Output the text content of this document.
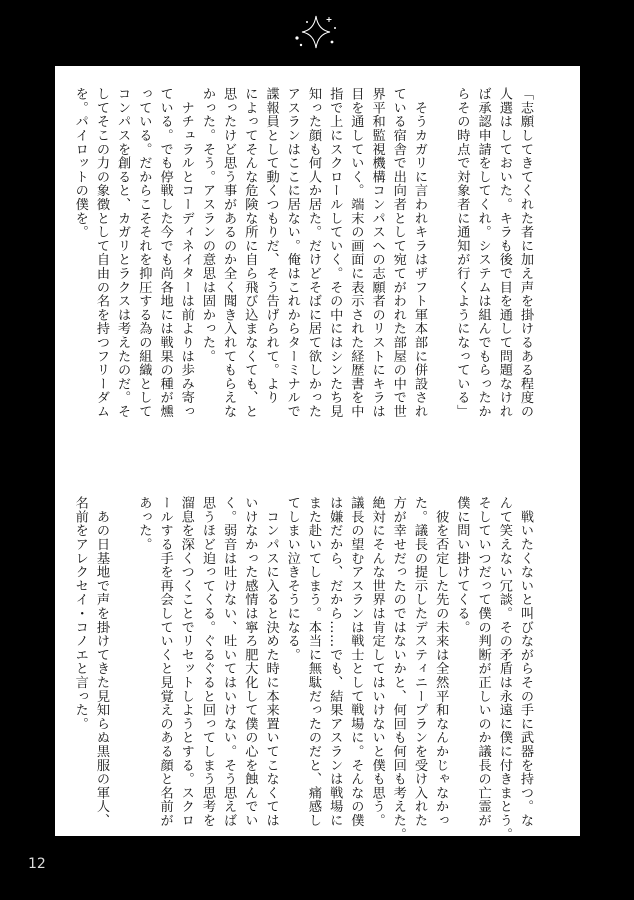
「志願してきてくれた者に加え声を掛けるある程度の
人選はしておいた。キラも後で目を通して問題なけれ
ば承認申請をしてくれ。システムは組んでもらったか
らその時点で対象者に通知が行くようになっている」

　そうカガリに言われキラはザフト軍本部に併設され
ている宿舎で出向者として宛てがわれた部屋の中で世
界平和監視機構コンパスへの志願者のリストにキラは
目を通していく。端末の画面に表示された経歴書を中
指で上にスクロールしていく。その中にはシンたち見
知った顔も何人か居た。だけどそばに居て欲しかった
アスランはここに居ない。俺はこれからターミナルで
諜報員として動くつもりだ、そう告げられて。より
によってそんな危険な所に自ら飛び込まなくても、と
思ったけど思う事があるのか全く聞き入れてもらえな
かった。そう。アスランの意思は固かった。
　ナチュラルとコーディネイターは前よりは歩み寄っ
ている。でも停戦した今でも尚各地には戦果の種が燻
っている。だからこそそれを抑圧する為の組織として
コンパスを創ると、カガリとラクスは考えたのだ。そ
してそこの力の象徴として自由の名を持つフリーダム
を。パイロットの僕を。
　戦いたくないと叫びながらその手に武器を持つ。な
んて笑えない冗談。その矛盾は永遠に僕に付きまとう。
そしていつだって僕の判断が正しいのか議長の亡霊が
僕に問い掛けてくる。
　彼を否定した先の未来は全然平和なんかじゃなかっ
た。議長の提示したデスティニープランを受け入れた
方が幸せだったのではないかと、何回も何回も考えた。
絶対にそんな世界は肯定してはいけないと僕も思う。
議長の望むアスランは戦士として戦場に。そんなの僕
は嫌だから、だから……でも、結果アスランは戦場に
また赴いてしまう。本当に無駄だったのだと、痛感し
てしまい泣きそうになる。
　コンパスに入ると決めた時に本来置いてこなくては
いけなかった感情は寧ろ肥大化して僕の心を蝕んでい
く。弱音は吐けない、吐いてはいけない。そう思えば
思うほど迫ってくる。ぐるぐると回ってしまう思考を
溜息を深くつくことでリセットしようとする。スクロ
ールする手を再会していくと見覚えのある顔と名前が
あった。

　あの日基地で声を掛けてきた見知らぬ黒服の軍人、
名前をアレクセイ・コノエと言った。
12
